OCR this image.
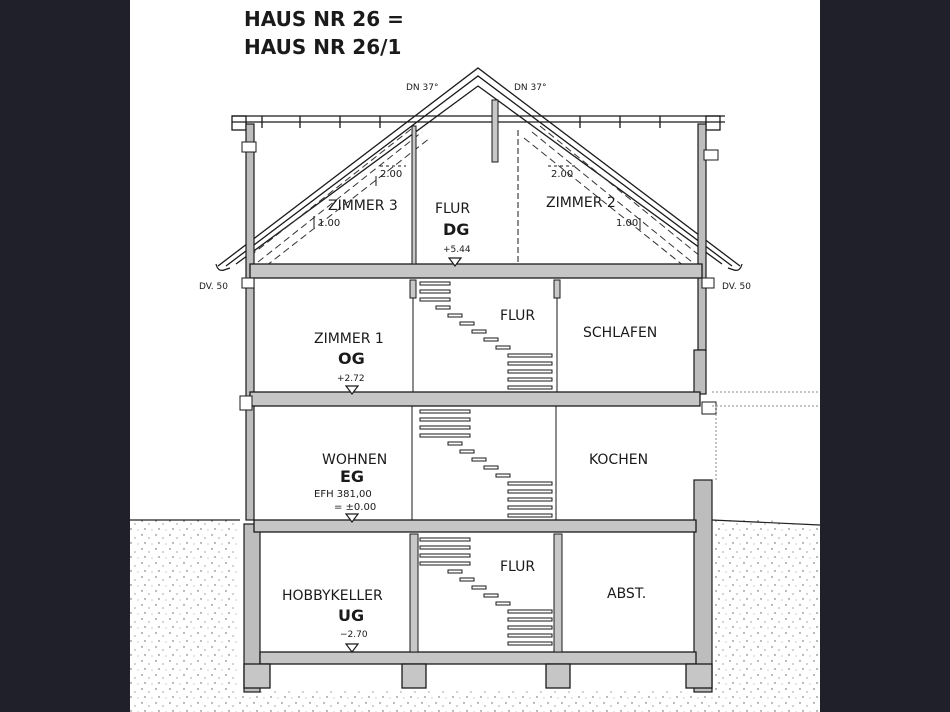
HAUS NR 26 =
HAUS NR 26/1
DN 37°	DN 37°
DV. 50	DV. 50
2.00
ZIMMER 3
1.00
FLUR
DG
+5.44
2.00
ZIMMER 2
1.00
ZIMMER 1
OG
+2.72
FLUR
SCHLAFEN
WOHNEN
EG
EFH 381,00
= ±0.00
KOCHEN
HOBBYKELLER
UG
−2.70
FLUR
ABST.
